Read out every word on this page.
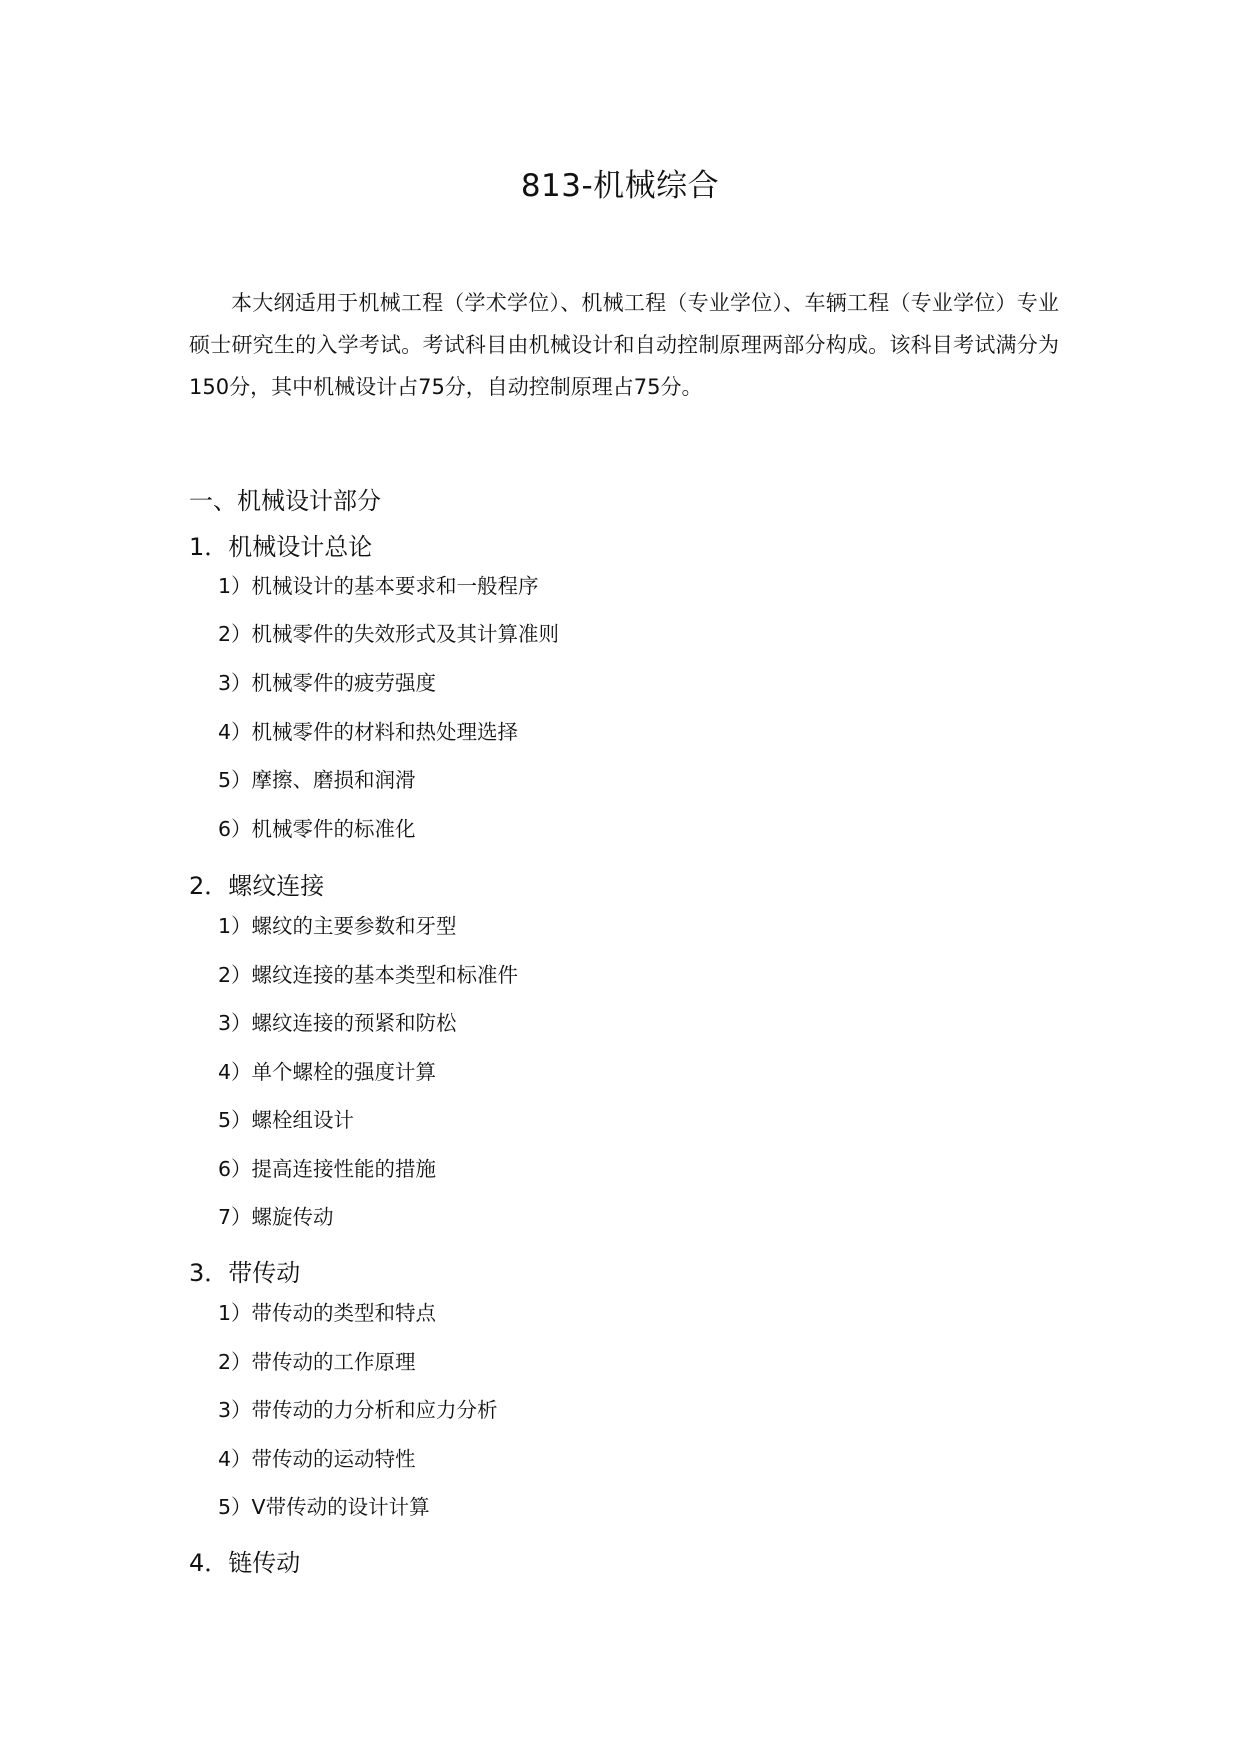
813-机械综合

本大纲适用于机械工程（学术学位）、机械工程（专业学位）、车辆工程（专业学位）专业硕士研究生的入学考试。考试科目由机械设计和自动控制原理两部分构成。该科目考试满分为150分，其中机械设计占75分，自动控制原理占75分。

一、机械设计部分
1．机械设计总论
1）机械设计的基本要求和一般程序
2）机械零件的失效形式及其计算准则
3）机械零件的疲劳强度
4）机械零件的材料和热处理选择
5）摩擦、磨损和润滑
6）机械零件的标准化
2．螺纹连接
1）螺纹的主要参数和牙型
2）螺纹连接的基本类型和标准件
3）螺纹连接的预紧和防松
4）单个螺栓的强度计算
5）螺栓组设计
6）提高连接性能的措施
7）螺旋传动
3．带传动
1）带传动的类型和特点
2）带传动的工作原理
3）带传动的力分析和应力分析
4）带传动的运动特性
5）V带传动的设计计算
4．链传动
